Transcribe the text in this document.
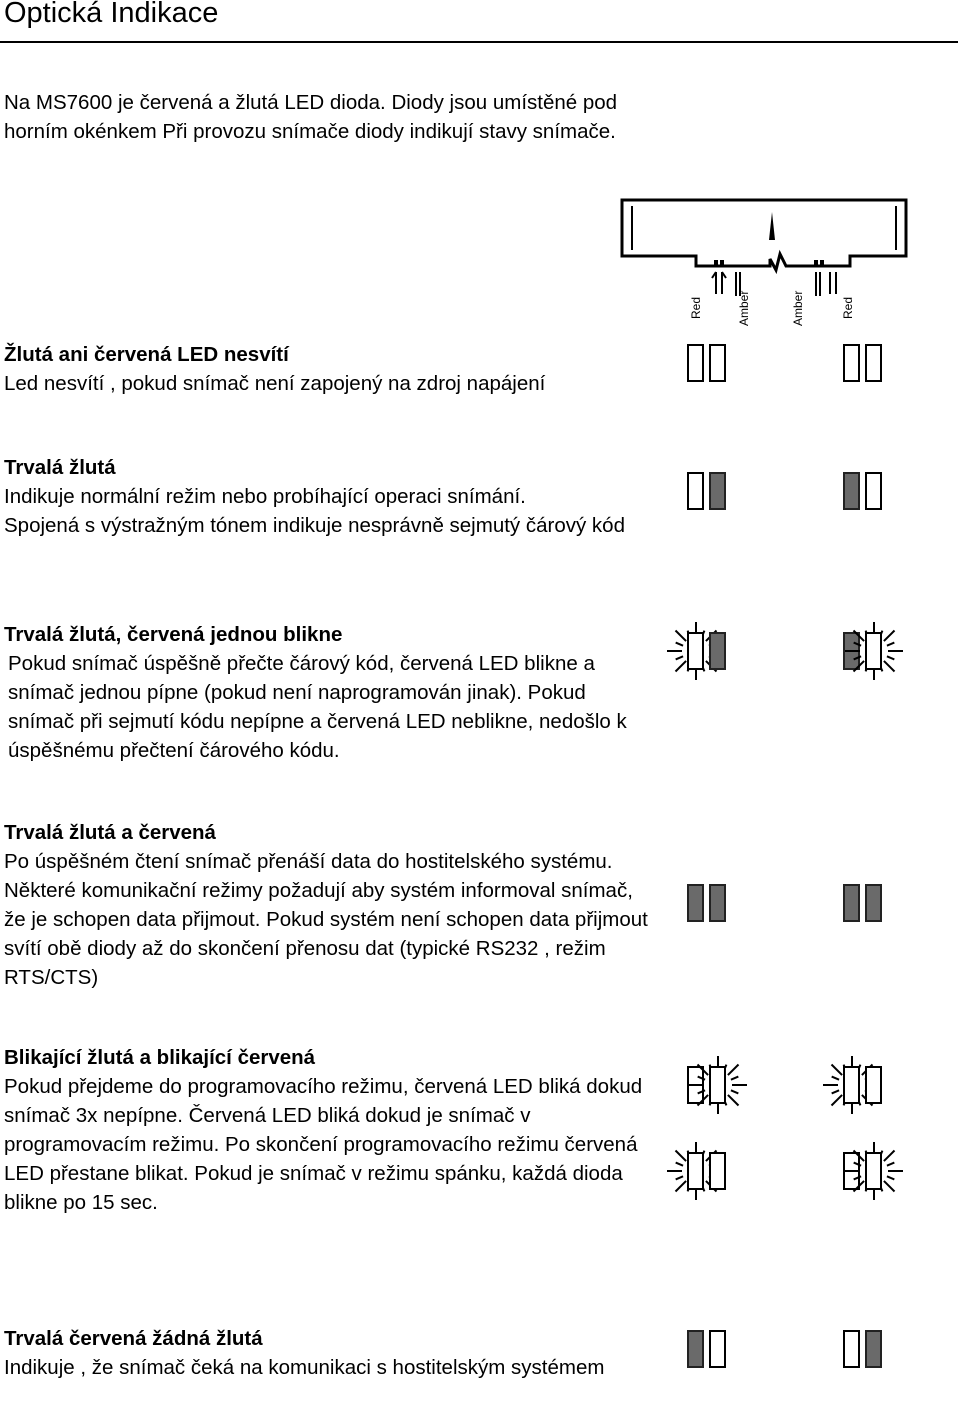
Optická Indikace
Na MS7600 je červená a žlutá LED dioda. Diody jsou umístěné pod horním okénkem Při provozu snímače diody indikují stavy snímače.
Red	Amber	Amber	Red
Žlutá ani červená LED nesvítí
Led nesvítí , pokud snímač není zapojený na zdroj napájení
Trvalá žlutá
Indikuje normální režim nebo probíhající operaci snímání.
Spojená s výstražným tónem indikuje nesprávně sejmutý čárový kód
Trvalá žlutá, červená jednou blikne
Pokud snímač úspěšně přečte čárový kód, červená LED blikne a snímač jednou pípne (pokud není naprogramován jinak). Pokud snímač při sejmutí kódu nepípne a červená LED neblikne, nedošlo k úspěšnému přečtení čárového kódu.
Trvalá žlutá a červená
Po úspěšném čtení snímač přenáší data do hostitelského systému. Některé komunikační režimy požadují aby systém informoval snímač, že je schopen data přijmout. Pokud systém není schopen data přijmout svítí obě diody až do skončení přenosu dat (typické RS232 , režim RTS/CTS)
Blikající žlutá a blikající červená
Pokud přejdeme do programovacího režimu, červená LED bliká dokud snímač 3x nepípne. Červená LED bliká dokud je snímač v programovacím režimu. Po skončení programovacího režimu červená LED přestane blikat. Pokud je snímač v režimu spánku, každá dioda blikne po 15 sec.
Trvalá červená žádná žlutá
Indikuje , že snímač čeká na komunikaci s hostitelským systémem
